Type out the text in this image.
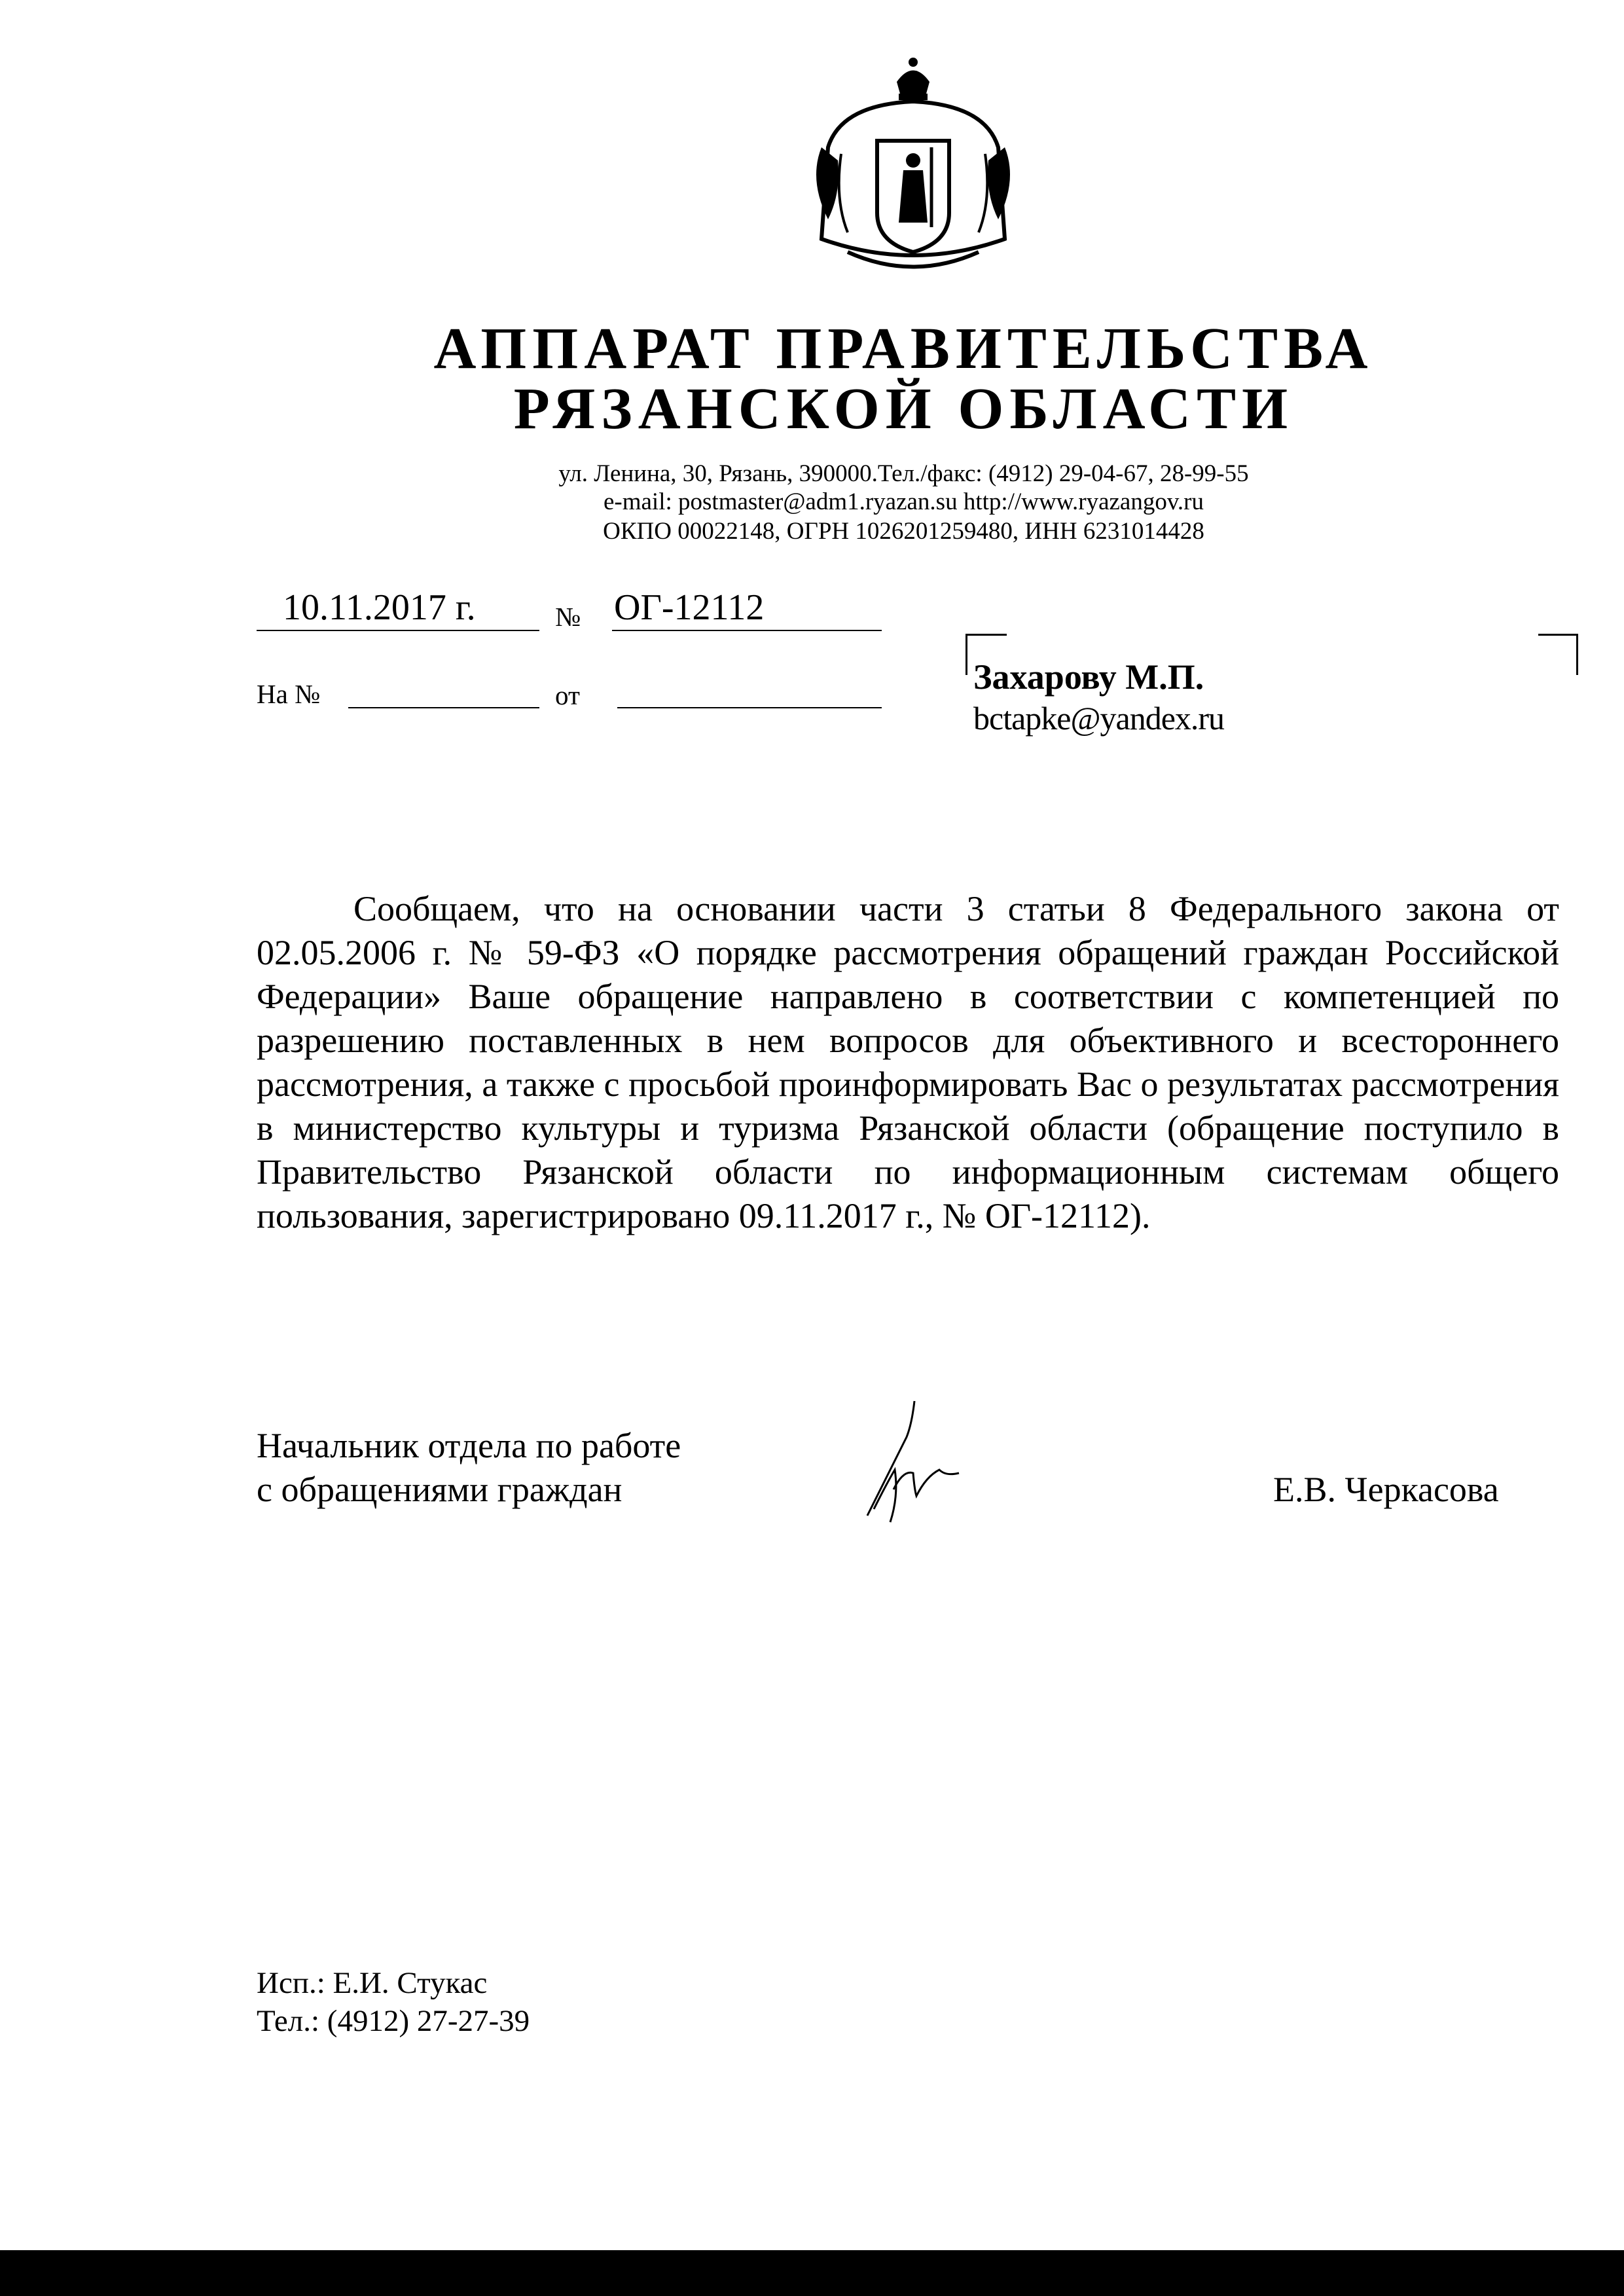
АППАРАТ ПРАВИТЕЛЬСТВА
РЯЗАНСКОЙ ОБЛАСТИ
ул. Ленина, 30, Рязань, 390000.Тел./факс: (4912) 29-04-67, 28-99-55
e-mail: postmaster@adm1.ryazan.su http://www.ryazangov.ru
ОКПО 00022148, ОГРН 1026201259480, ИНН 6231014428
10.11.2017 г.	№ ОГ-12112
На №	от	Захарову М.П.
bctapke@yandex.ru

Сообщаем, что на основании части 3 статьи 8 Федерального закона от 02.05.2006 г. № 59-ФЗ «О порядке рассмотрения обращений граждан Российской Федерации» Ваше обращение направлено в соответствии с компетенцией по разрешению поставленных в нем вопросов для объективного и всестороннего рассмотрения, а также с просьбой проинформировать Вас о результатах рассмотрения в министерство культуры и туризма Рязанской области (обращение поступило в Правительство Рязанской области по информационным системам общего пользования, зарегистрировано 09.11.2017 г., № ОГ-12112).

Начальник отдела по работе
с обращениями граждан	Е.В. Черкасова
Исп.: Е.И. Стукас
Тел.: (4912) 27-27-39
